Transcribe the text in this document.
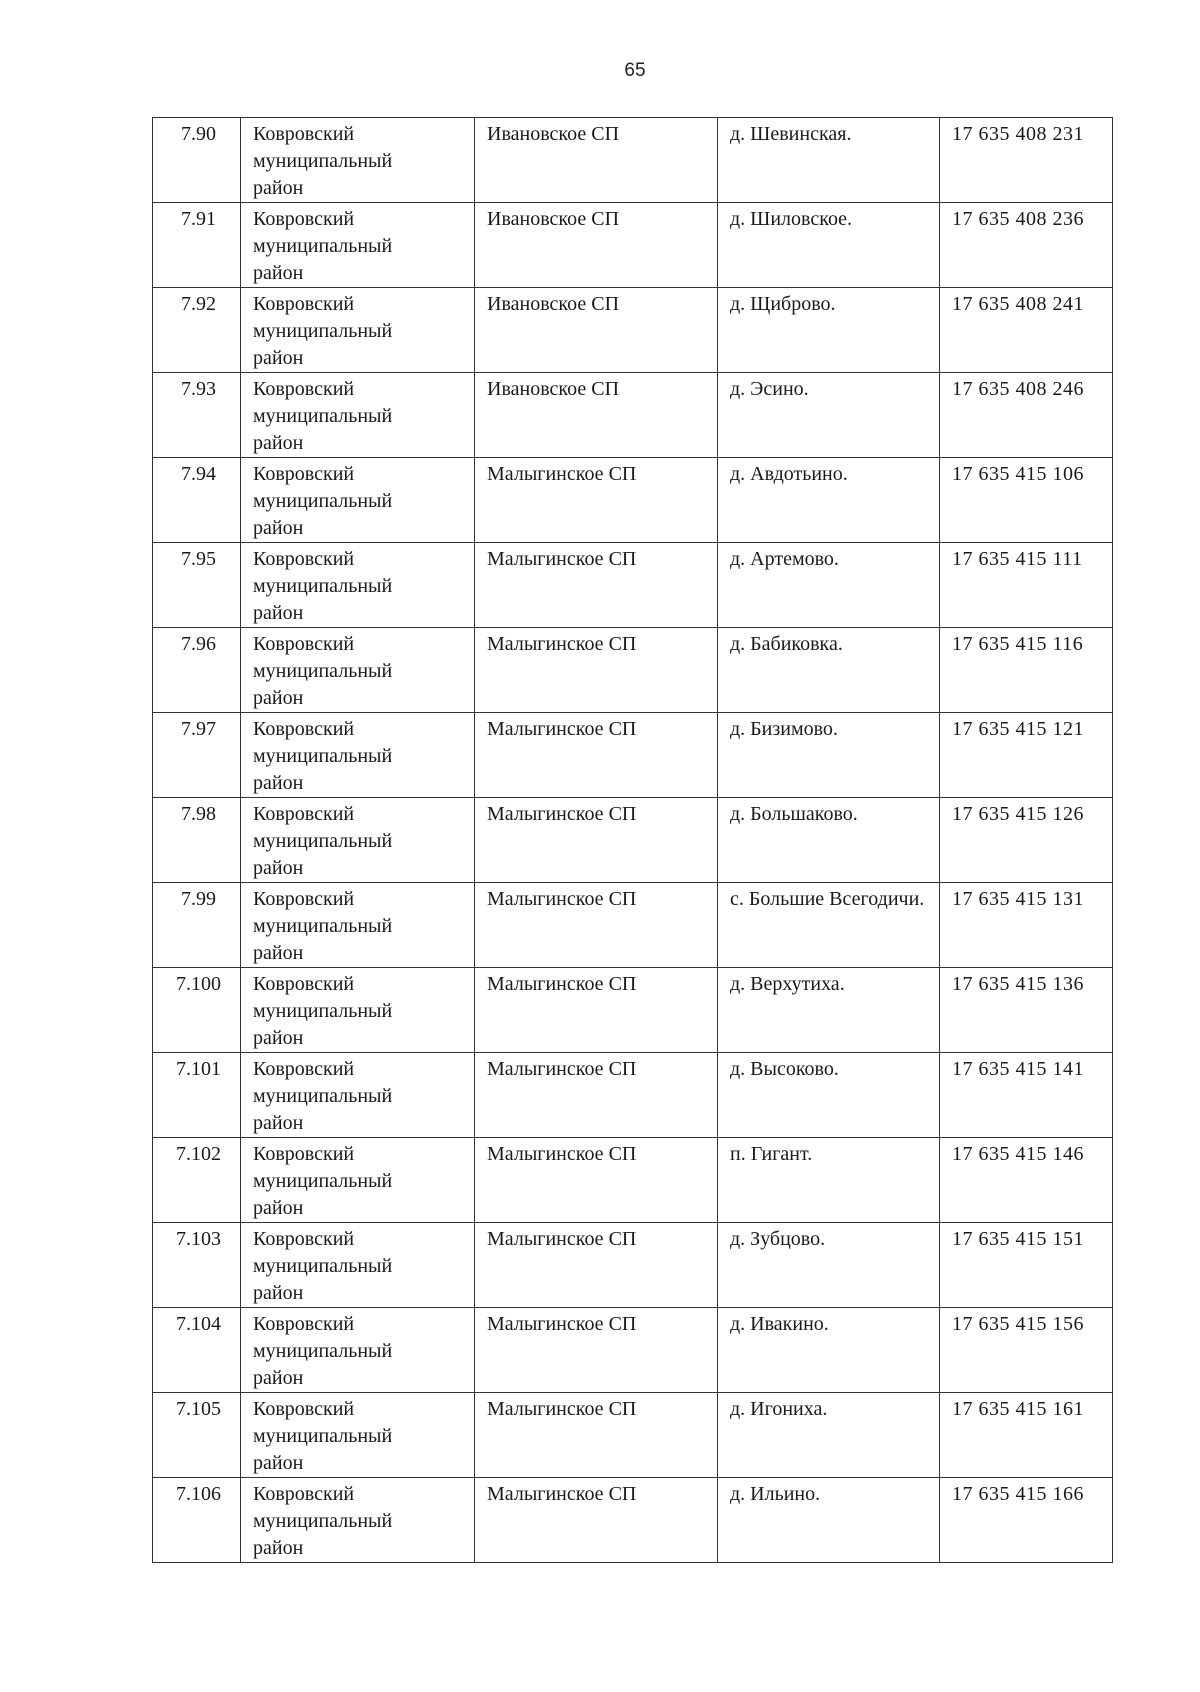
65
7.90	Ковровский
муниципальный
район	Ивановское СП	д. Шевинская.	17 635 408 231
7.91	Ковровский
муниципальный
район	Ивановское СП	д. Шиловское.	17 635 408 236
7.92	Ковровский
муниципальный
район	Ивановское СП	д. Щиброво.	17 635 408 241
7.93	Ковровский
муниципальный
район	Ивановское СП	д. Эсино.	17 635 408 246
7.94	Ковровский
муниципальный
район	Малыгинское СП	д. Авдотьино.	17 635 415 106
7.95	Ковровский
муниципальный
район	Малыгинское СП	д. Артемово.	17 635 415 111
7.96	Ковровский
муниципальный
район	Малыгинское СП	д. Бабиковка.	17 635 415 116
7.97	Ковровский
муниципальный
район	Малыгинское СП	д. Бизимово.	17 635 415 121
7.98	Ковровский
муниципальный
район	Малыгинское СП	д. Большаково.	17 635 415 126
7.99	Ковровский
муниципальный
район	Малыгинское СП	с. Большие Всегодичи.	17 635 415 131
7.100	Ковровский
муниципальный
район	Малыгинское СП	д. Верхутиха.	17 635 415 136
7.101	Ковровский
муниципальный
район	Малыгинское СП	д. Высоково.	17 635 415 141
7.102	Ковровский
муниципальный
район	Малыгинское СП	п. Гигант.	17 635 415 146
7.103	Ковровский
муниципальный
район	Малыгинское СП	д. Зубцово.	17 635 415 151
7.104	Ковровский
муниципальный
район	Малыгинское СП	д. Ивакино.	17 635 415 156
7.105	Ковровский
муниципальный
район	Малыгинское СП	д. Игониха.	17 635 415 161
7.106	Ковровский
муниципальный
район	Малыгинское СП	д. Ильино.	17 635 415 166
